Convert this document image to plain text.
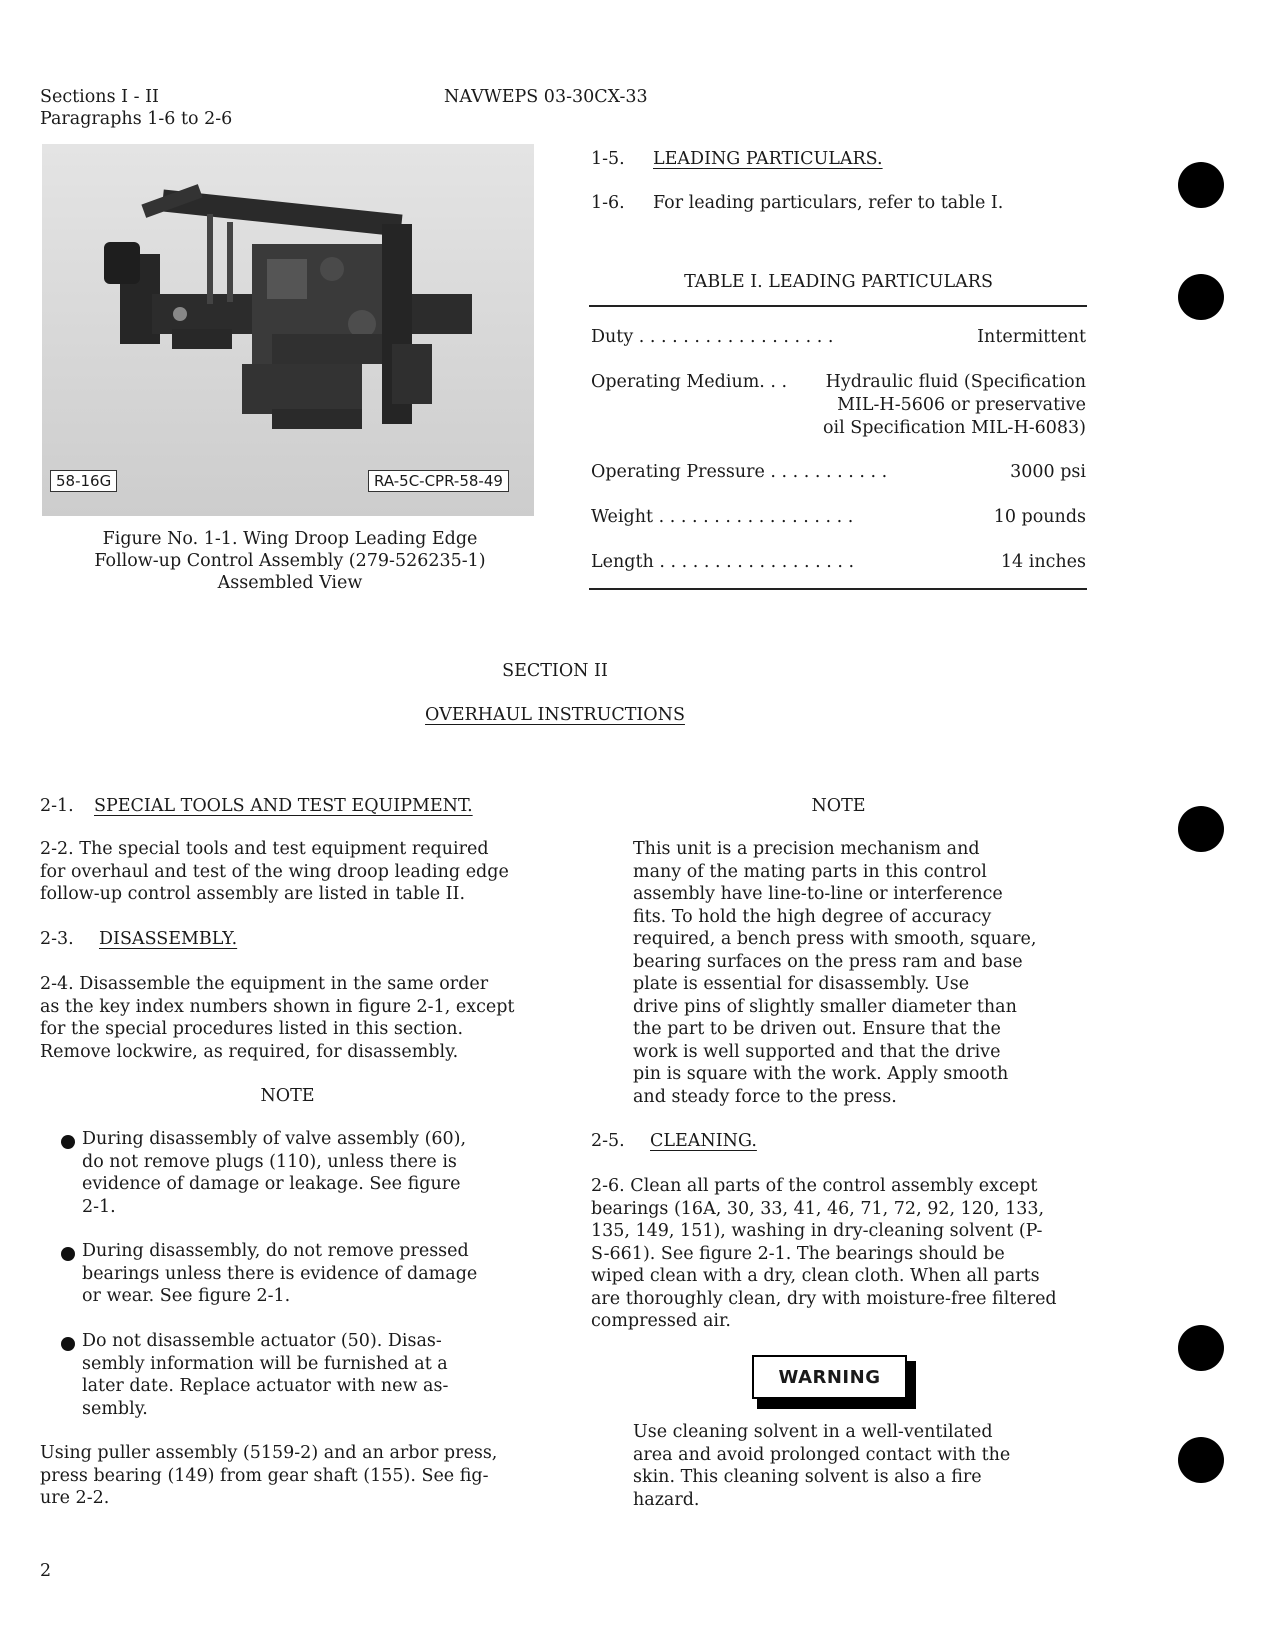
Sections I - II
Paragraphs 1-6 to 2-6
NAVWEPS 03-30CX-33
58-16G	RA-5C-CPR-58-49
Figure No. 1-1. Wing Droop Leading Edge
Follow-up Control Assembly (279-526235-1)
Assembled View
1-5. LEADING PARTICULARS.
1-6. For leading particulars, refer to table I.
TABLE I. LEADING PARTICULARS
Duty . . . . . . . . . . . . . . . . . .	Intermittent
Operating Medium. . . Hydraulic fluid (Specification
MIL-H-5606 or preservative
oil Specification MIL-H-6083)
Operating Pressure . . . . . . . . . . .	3000 psi
Weight . . . . . . . . . . . . . . . . . .	10 pounds
Length . . . . . . . . . . . . . . . . . .	14 inches
SECTION II
OVERHAUL INSTRUCTIONS
2-1. SPECIAL TOOLS AND TEST EQUIPMENT.
2-2. The special tools and test equipment required
for overhaul and test of the wing droop leading edge
follow-up control assembly are listed in table II.
2-3. DISASSEMBLY.
2-4. Disassemble the equipment in the same order
as the key index numbers shown in figure 2-1, except
for the special procedures listed in this section.
Remove lockwire, as required, for disassembly.
NOTE
During disassembly of valve assembly (60),
do not remove plugs (110), unless there is
evidence of damage or leakage. See figure
2-1.
During disassembly, do not remove pressed
bearings unless there is evidence of damage
or wear. See figure 2-1.
Do not disassemble actuator (50). Disas-
sembly information will be furnished at a
later date. Replace actuator with new as-
sembly.
Using puller assembly (5159-2) and an arbor press,
press bearing (149) from gear shaft (155). See fig-
ure 2-2.
NOTE
This unit is a precision mechanism and
many of the mating parts in this control
assembly have line-to-line or interference
fits. To hold the high degree of accuracy
required, a bench press with smooth, square,
bearing surfaces on the press ram and base
plate is essential for disassembly. Use
drive pins of slightly smaller diameter than
the part to be driven out. Ensure that the
work is well supported and that the drive
pin is square with the work. Apply smooth
and steady force to the press.
2-5. CLEANING.
2-6. Clean all parts of the control assembly except
bearings (16A, 30, 33, 41, 46, 71, 72, 92, 120, 133,
135, 149, 151), washing in dry-cleaning solvent (P-
S-661). See figure 2-1. The bearings should be
wiped clean with a dry, clean cloth. When all parts
are thoroughly clean, dry with moisture-free filtered
compressed air.
WARNING
Use cleaning solvent in a well-ventilated
area and avoid prolonged contact with the
skin. This cleaning solvent is also a fire
hazard.
2
